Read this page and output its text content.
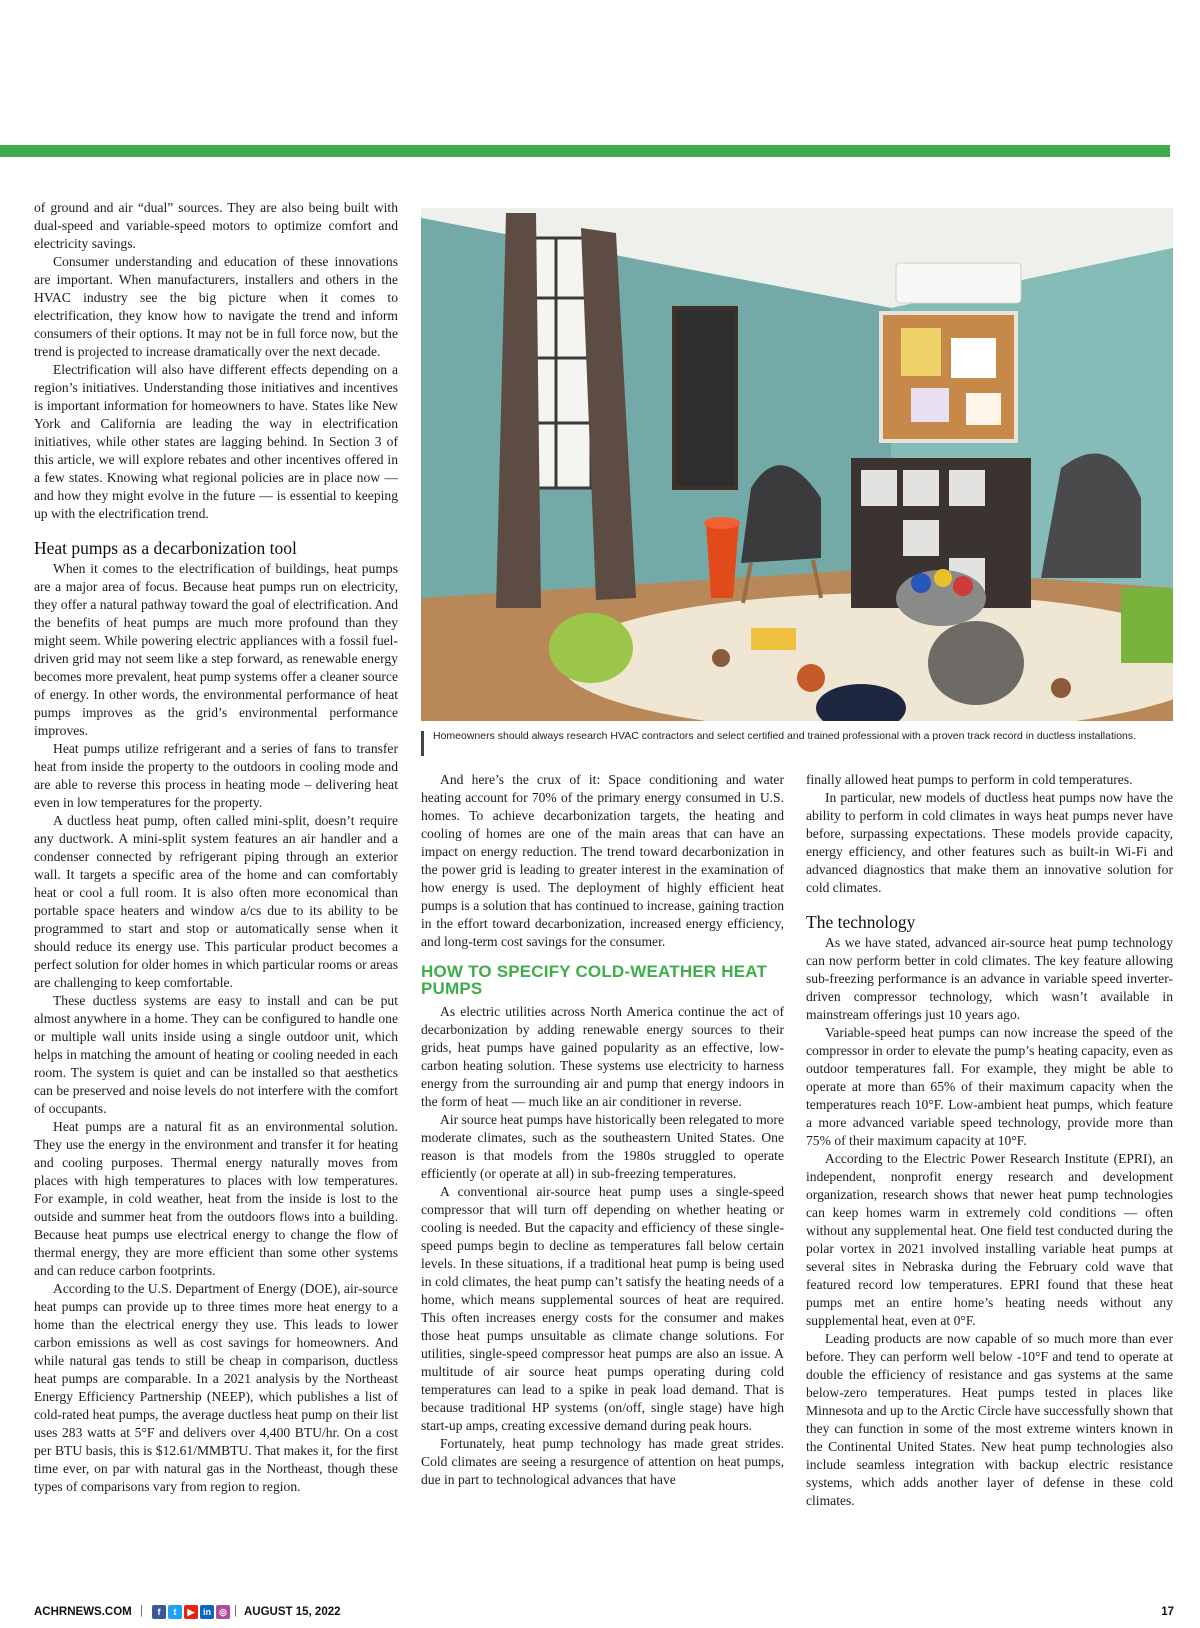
of ground and air “dual” sources. They are also being built with dual-speed and variable-speed motors to optimize comfort and electricity savings.

Consumer understanding and education of these innovations are important. When manufacturers, installers and others in the HVAC industry see the big picture when it comes to electrification, they know how to navigate the trend and inform consumers of their options. It may not be in full force now, but the trend is projected to increase dramatically over the next decade.

Electrification will also have different effects depending on a region’s initiatives. Understanding those initiatives and incentives is important information for homeowners to have. States like New York and California are leading the way in electrification initiatives, while other states are lagging behind. In Section 3 of this article, we will explore rebates and other incentives offered in a few states. Knowing what regional policies are in place now — and how they might evolve in the future — is essential to keeping up with the electrification trend.

Heat pumps as a decarbonization tool

When it comes to the electrification of buildings, heat pumps are a major area of focus. Because heat pumps run on electricity, they offer a natural pathway toward the goal of electrification. And the benefits of heat pumps are much more profound than they might seem. While powering electric appliances with a fossil fuel-driven grid may not seem like a step forward, as renewable energy becomes more prevalent, heat pump systems offer a cleaner source of energy. In other words, the environmental performance of heat pumps improves as the grid’s environmental performance improves.

Heat pumps utilize refrigerant and a series of fans to transfer heat from inside the property to the outdoors in cooling mode and are able to reverse this process in heating mode – delivering heat even in low temperatures for the property.

A ductless heat pump, often called mini-split, doesn’t require any ductwork. A mini-split system features an air handler and a condenser connected by refrigerant piping through an exterior wall. It targets a specific area of the home and can comfortably heat or cool a full room. It is also often more economical than portable space heaters and window a/cs due to its ability to be programmed to start and stop or automatically sense when it should reduce its energy use. This particular product becomes a perfect solution for older homes in which particular rooms or areas are challenging to keep comfortable.

These ductless systems are easy to install and can be put almost anywhere in a home. They can be configured to handle one or multiple wall units inside using a single outdoor unit, which helps in matching the amount of heating or cooling needed in each room. The system is quiet and can be installed so that aesthetics can be preserved and noise levels do not interfere with the comfort of occupants.

Heat pumps are a natural fit as an environmental solution. They use the energy in the environment and transfer it for heating and cooling purposes. Thermal energy naturally moves from places with high temperatures to places with low temperatures. For example, in cold weather, heat from the inside is lost to the outside and summer heat from the outdoors flows into a building. Because heat pumps use electrical energy to change the flow of thermal energy, they are more efficient than some other systems and can reduce carbon footprints.

According to the U.S. Department of Energy (DOE), air-source heat pumps can provide up to three times more heat energy to a home than the electrical energy they use. This leads to lower carbon emissions as well as cost savings for homeowners. And while natural gas tends to still be cheap in comparison, ductless heat pumps are comparable. In a 2021 analysis by the Northeast Energy Efficiency Partnership (NEEP), which publishes a list of cold-rated heat pumps, the average ductless heat pump on their list uses 283 watts at 5°F and delivers over 4,400 BTU/hr. On a cost per BTU basis, this is $12.61/MMBTU. That makes it, for the first time ever, on par with natural gas in the Northeast, though these types of comparisons vary from region to region.

Homeowners should always research HVAC contractors and select certified and trained professional with a proven track record in ductless installations.

And here’s the crux of it: Space conditioning and water heating account for 70% of the primary energy consumed in U.S. homes. To achieve decarbonization targets, the heating and cooling of homes are one of the main areas that can have an impact on energy reduction. The trend toward decarbonization in the power grid is leading to greater interest in the examination of how energy is used. The deployment of highly efficient heat pumps is a solution that has continued to increase, gaining traction in the effort toward decarbonization, increased energy efficiency, and long-term cost savings for the consumer.

HOW TO SPECIFY COLD-WEATHER HEAT PUMPS

As electric utilities across North America continue the act of decarbonization by adding renewable energy sources to their grids, heat pumps have gained popularity as an effective, low-carbon heating solution. These systems use electricity to harness energy from the surrounding air and pump that energy indoors in the form of heat — much like an air conditioner in reverse.

Air source heat pumps have historically been relegated to more moderate climates, such as the southeastern United States. One reason is that models from the 1980s struggled to operate efficiently (or operate at all) in sub-freezing temperatures.

A conventional air-source heat pump uses a single-speed compressor that will turn off depending on whether heating or cooling is needed. But the capacity and efficiency of these single-speed pumps begin to decline as temperatures fall below certain levels. In these situations, if a traditional heat pump is being used in cold climates, the heat pump can’t satisfy the heating needs of a home, which means supplemental sources of heat are required. This often increases energy costs for the consumer and makes those heat pumps unsuitable as climate change solutions. For utilities, single-speed compressor heat pumps are also an issue. A multitude of air source heat pumps operating during cold temperatures can lead to a spike in peak load demand. That is because traditional HP systems (on/off, single stage) have high start-up amps, creating excessive demand during peak hours.

Fortunately, heat pump technology has made great strides. Cold climates are seeing a resurgence of attention on heat pumps, due in part to technological advances that have

finally allowed heat pumps to perform in cold temperatures.

In particular, new models of ductless heat pumps now have the ability to perform in cold climates in ways heat pumps never have before, surpassing expectations. These models provide capacity, energy efficiency, and other features such as built-in Wi-Fi and advanced diagnostics that make them an innovative solution for cold climates.

The technology

As we have stated, advanced air-source heat pump technology can now perform better in cold climates. The key feature allowing sub-freezing performance is an advance in variable speed inverter-driven compressor technology, which wasn’t available in mainstream offerings just 10 years ago.

Variable-speed heat pumps can now increase the speed of the compressor in order to elevate the pump’s heating capacity, even as outdoor temperatures fall. For example, they might be able to operate at more than 65% of their maximum capacity when the temperatures reach 10°F. Low-ambient heat pumps, which feature a more advanced variable speed technology, provide more than 75% of their maximum capacity at 10°F.

According to the Electric Power Research Institute (EPRI), an independent, nonprofit energy research and development organization, research shows that newer heat pump technologies can keep homes warm in extremely cold conditions — often without any supplemental heat. One field test conducted during the polar vortex in 2021 involved installing variable heat pumps at several sites in Nebraska during the February cold wave that featured record low temperatures. EPRI found that these heat pumps met an entire home’s heating needs without any supplemental heat, even at 0°F.

Leading products are now capable of so much more than ever before. They can perform well below -10°F and tend to operate at double the efficiency of resistance and gas systems at the same below-zero temperatures. Heat pumps tested in places like Minnesota and up to the Arctic Circle have successfully shown that they can function in some of the most extreme winters known in the Continental United States. New heat pump technologies also include seamless integration with backup electric resistance systems, which adds another layer of defense in these cold climates.

ACHRNEWS.COM |	f	t	▶ in ◎ | AUGUST 15, 2022	17
